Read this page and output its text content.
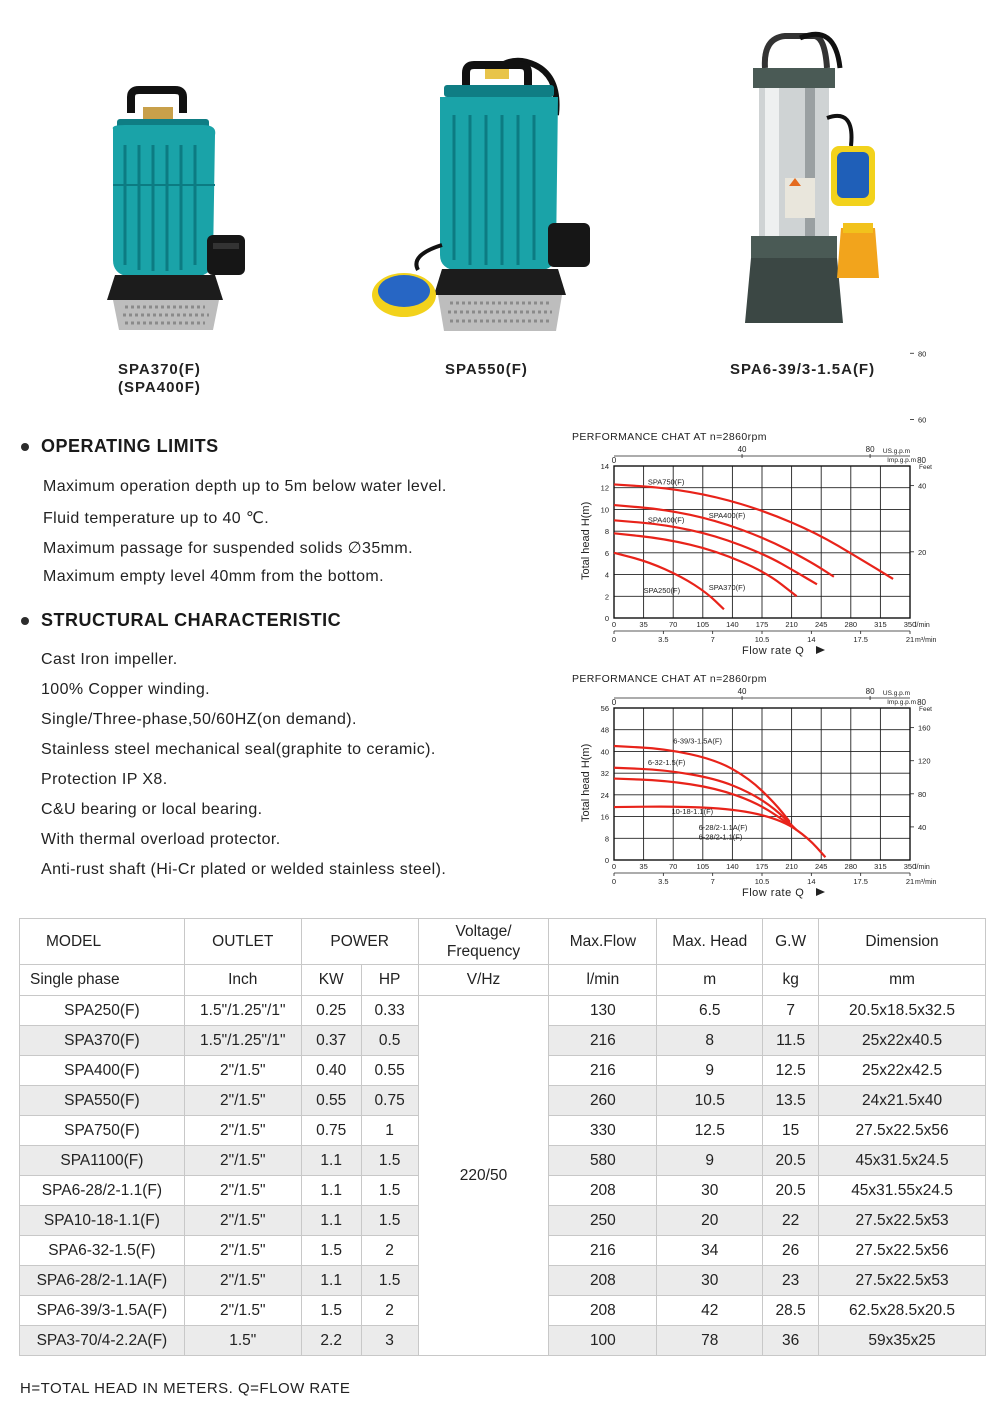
SPA370(F)
(SPA400F)
SPA550(F)	SPA6-39/3-1.5A(F)
OPERATING LIMITS
Maximum operation depth up to 5m below water level.
Fluid temperature up to 40 ℃.
Maximum passage for suspended solids ∅35mm.
Maximum empty level 40mm from the bottom.
STRUCTURAL CHARACTERISTIC
Cast Iron impeller.
100% Copper winding.
Single/Three-phase,50/60HZ(on demand).
Stainless steel mechanical seal(graphite to ceramic).
Protection IP X8.
C&U bearing or local bearing.
With thermal overload protector.
Anti-rust shaft (Hi-Cr plated or welded stainless steel).
PERFORMANCE CHAT AT n=2860rpm
US.g.p.m
Imp.g.p.m
Feet
40	80
0	80
0	35	70	105 140 175 210 245 280 315 350
0
2
4
6
8
10
12
14
20
40
60
80
l/min
0	3.5	7	10.5	14	17.5	21 m³/min
Flow rate Q
Total head H(m)
SPA750(F)
SPA400(F)	SPA400(F)
SPA370(F)
SPA250(F)
PERFORMANCE CHAT AT n=2860rpm
US.g.p.m
Imp.g.p.m
Feet
40	80
0	80
0	35	70	105 140 175 210 245 280 315 350
0
8
16
24
32
40
48
56
40
80
120
160
l/min
0	3.5	7	10.5	14	17.5	21 m³/min
Flow rate Q
Total head H(m)
6-39/3-1.5A(F)
6-32-1.5(F)
10-18-1.1(F)
6-28/2-1.1A(F)
6-28/2-1.1(F)
MODEL	OUTLET	POWER		Voltage/ Frequency	Max.Flow	Max. Head	G.W	Dimension
Single phase	Inch	KW	HP	V/Hz	l/min	m	kg	mm
SPA250(F)	1.5"/1.25"/1"	0.25	0.33	220/50	130	6.5	7	20.5x18.5x32.5
SPA370(F)	1.5"/1.25"/1"	0.37	0.5		216	8	11.5	25x22x40.5
SPA400(F)	2"/1.5"	0.40	0.55		216	9	12.5	25x22x42.5
SPA550(F)	2"/1.5"	0.55	0.75		260	10.5	13.5	24x21.5x40
SPA750(F)	2"/1.5"	0.75	1		330	12.5	15	27.5x22.5x56
SPA1100(F)	2"/1.5"	1.1	1.5		580	9	20.5	45x31.5x24.5
SPA6-28/2-1.1(F)	2"/1.5"	1.1	1.5		208	30	20.5	45x31.55x24.5
SPA10-18-1.1(F)	2"/1.5"	1.1	1.5		250	20	22	27.5x22.5x53
SPA6-32-1.5(F)	2"/1.5"	1.5	2		216	34	26	27.5x22.5x56
SPA6-28/2-1.1A(F)	2"/1.5"	1.1	1.5		208	30	23	27.5x22.5x53
SPA6-39/3-1.5A(F)	2"/1.5"	1.5	2		208	42	28.5	62.5x28.5x20.5
SPA3-70/4-2.2A(F)	1.5"	2.2	3		100	78	36	59x35x25
H=TOTAL HEAD IN METERS. Q=FLOW RATE
